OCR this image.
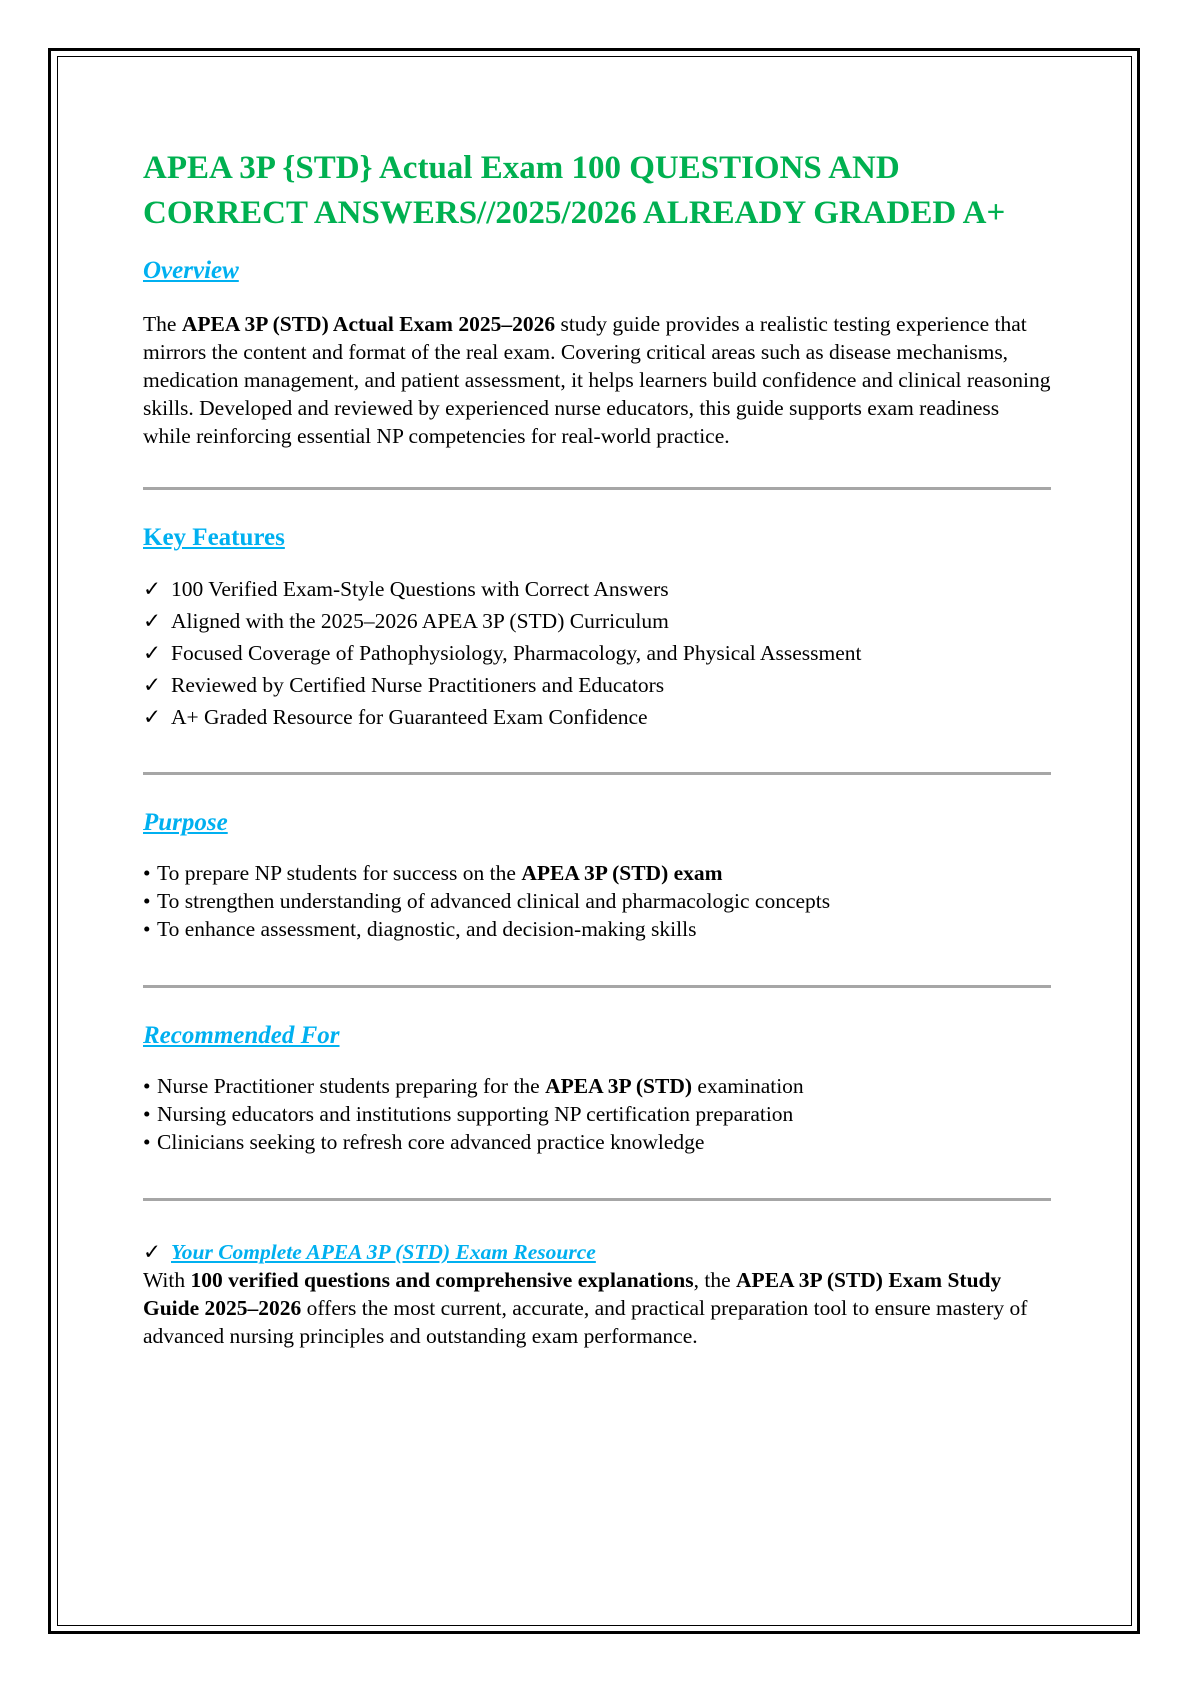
APEA 3P {STD} Actual Exam 100 QUESTIONS AND CORRECT ANSWERS//2025/2026 ALREADY GRADED A+
Overview

The APEA 3P (STD) Actual Exam 2025–2026 study guide provides a realistic testing experience that mirrors the content and format of the real exam. Covering critical areas such as disease mechanisms, medication management, and patient assessment, it helps learners build confidence and clinical reasoning skills. Developed and reviewed by experienced nurse educators, this guide supports exam readiness while reinforcing essential NP competencies for real-world practice.

Key Features
✓ 100 Verified Exam-Style Questions with Correct Answers
✓ Aligned with the 2025–2026 APEA 3P (STD) Curriculum
✓ Focused Coverage of Pathophysiology, Pharmacology, and Physical Assessment
✓ Reviewed by Certified Nurse Practitioners and Educators
✓ A+ Graded Resource for Guaranteed Exam Confidence
Purpose
• To prepare NP students for success on the APEA 3P (STD) exam
• To strengthen understanding of advanced clinical and pharmacologic concepts
• To enhance assessment, diagnostic, and decision-making skills
Recommended For
• Nurse Practitioner students preparing for the APEA 3P (STD) examination
• Nursing educators and institutions supporting NP certification preparation
• Clinicians seeking to refresh core advanced practice knowledge

✓ Your Complete APEA 3P (STD) Exam Resource

With 100 verified questions and comprehensive explanations, the APEA 3P (STD) Exam Study Guide 2025–2026 offers the most current, accurate, and practical preparation tool to ensure mastery of advanced nursing principles and outstanding exam performance.
